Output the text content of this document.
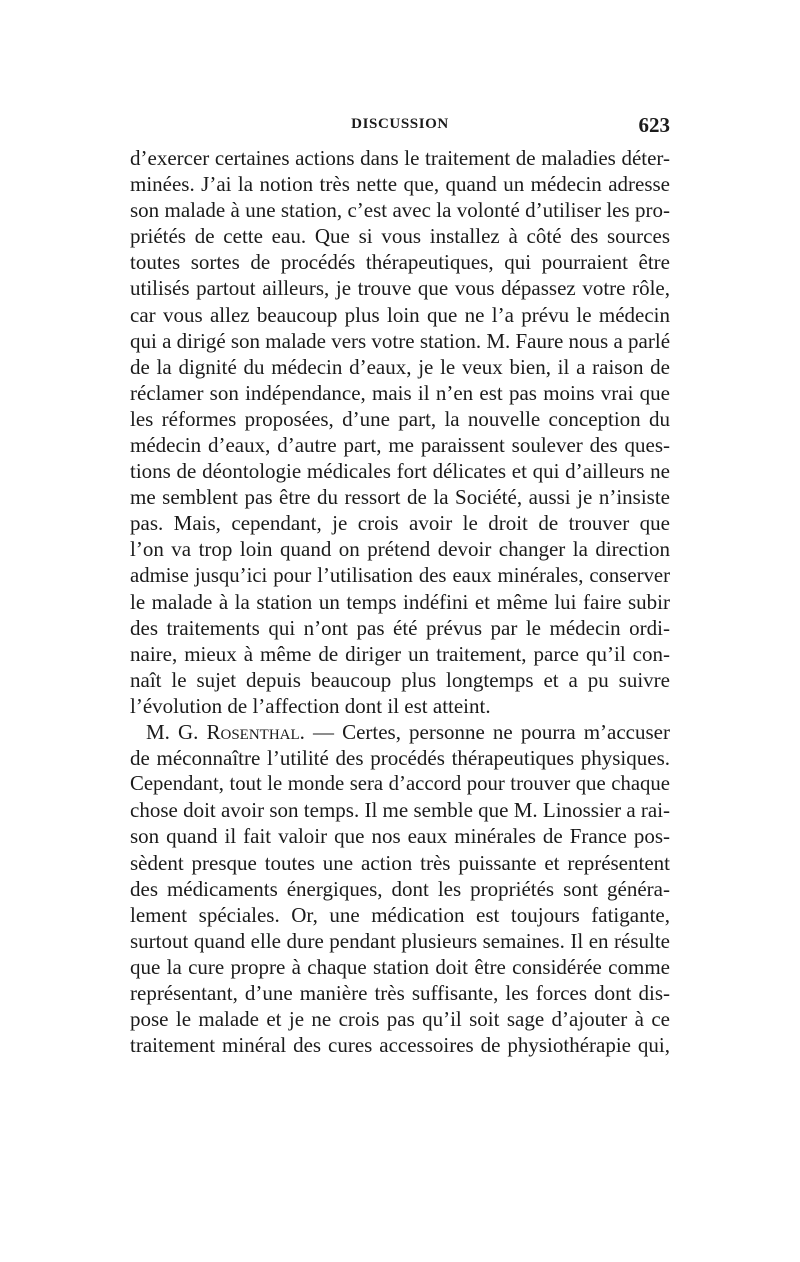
DISCUSSION	623
d’exercer certaines actions dans le traitement de maladies déter-
minées. J’ai la notion très nette que, quand un médecin adresse
son malade à une station, c’est avec la volonté d’utiliser les pro-
priétés de cette eau. Que si vous installez à côté des sources
toutes sortes de procédés thérapeutiques, qui pourraient être
utilisés partout ailleurs, je trouve que vous dépassez votre rôle,
car vous allez beaucoup plus loin que ne l’a prévu le médecin
qui a dirigé son malade vers votre station. M. Faure nous a parlé
de la dignité du médecin d’eaux, je le veux bien, il a raison de
réclamer son indépendance, mais il n’en est pas moins vrai que
les réformes proposées, d’une part, la nouvelle conception du
médecin d’eaux, d’autre part, me paraissent soulever des ques-
tions de déontologie médicales fort délicates et qui d’ailleurs ne
me semblent pas être du ressort de la Société, aussi je n’insiste
pas. Mais, cependant, je crois avoir le droit de trouver que
l’on va trop loin quand on prétend devoir changer la direction
admise jusqu’ici pour l’utilisation des eaux minérales, conserver
le malade à la station un temps indéfini et même lui faire subir
des traitements qui n’ont pas été prévus par le médecin ordi-
naire, mieux à même de diriger un traitement, parce qu’il con-
naît le sujet depuis beaucoup plus longtemps et a pu suivre
l’évolution de l’affection dont il est atteint.
M. G. Rosenthal. — Certes, personne ne pourra m’accuser
de méconnaître l’utilité des procédés thérapeutiques physiques.
Cependant, tout le monde sera d’accord pour trouver que chaque
chose doit avoir son temps. Il me semble que M. Linossier a rai-
son quand il fait valoir que nos eaux minérales de France pos-
sèdent presque toutes une action très puissante et représentent
des médicaments énergiques, dont les propriétés sont généra-
lement spéciales. Or, une médication est toujours fatigante,
surtout quand elle dure pendant plusieurs semaines. Il en résulte
que la cure propre à chaque station doit être considérée comme
représentant, d’une manière très suffisante, les forces dont dis-
pose le malade et je ne crois pas qu’il soit sage d’ajouter à ce
traitement minéral des cures accessoires de physiothérapie qui,
